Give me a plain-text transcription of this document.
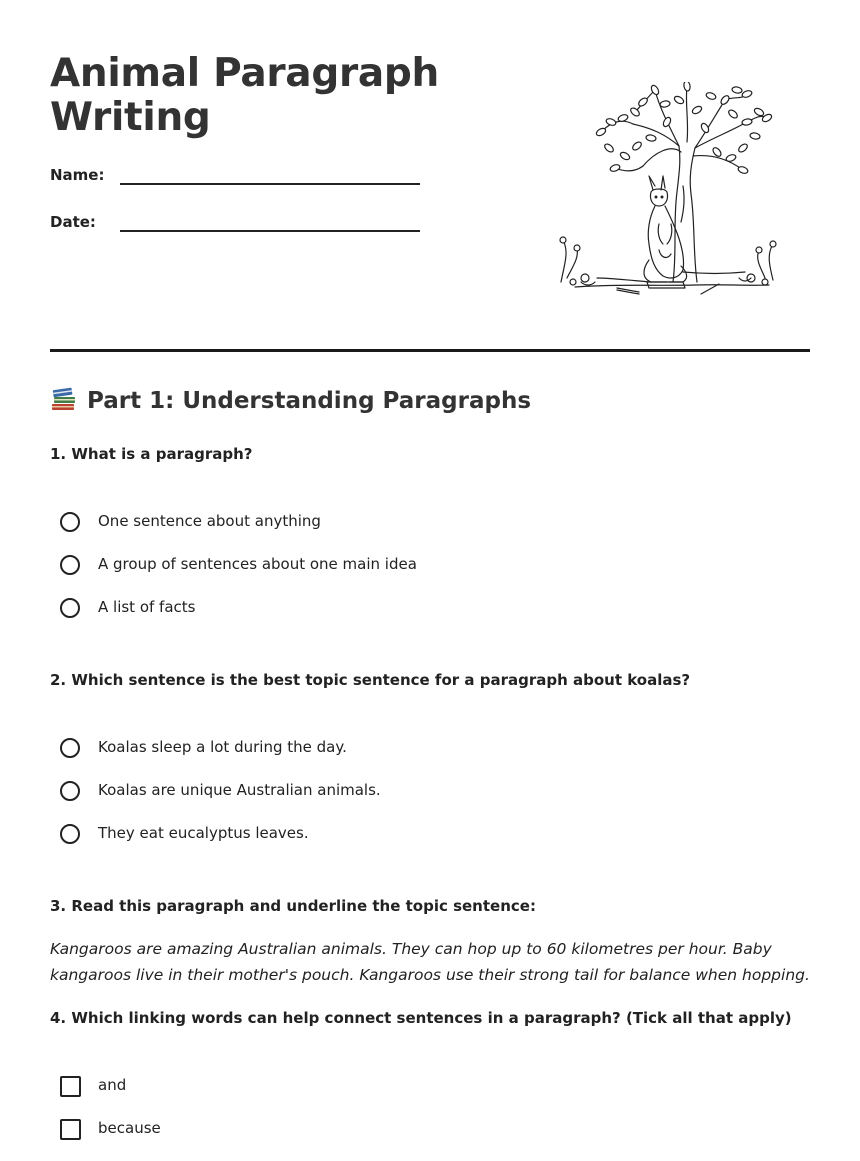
Animal Paragraph Writing
Name:
Date:
Part 1: Understanding Paragraphs
1. What is a paragraph?
One sentence about anything
A group of sentences about one main idea
A list of facts
2. Which sentence is the best topic sentence for a paragraph about koalas?
Koalas sleep a lot during the day.
Koalas are unique Australian animals.
They eat eucalyptus leaves.
3. Read this paragraph and underline the topic sentence:
Kangaroos are amazing Australian animals. They can hop up to 60 kilometres per hour. Baby kangaroos live in their mother's pouch. Kangaroos use their strong tail for balance when hopping.
4. Which linking words can help connect sentences in a paragraph? (Tick all that apply)
and
because
